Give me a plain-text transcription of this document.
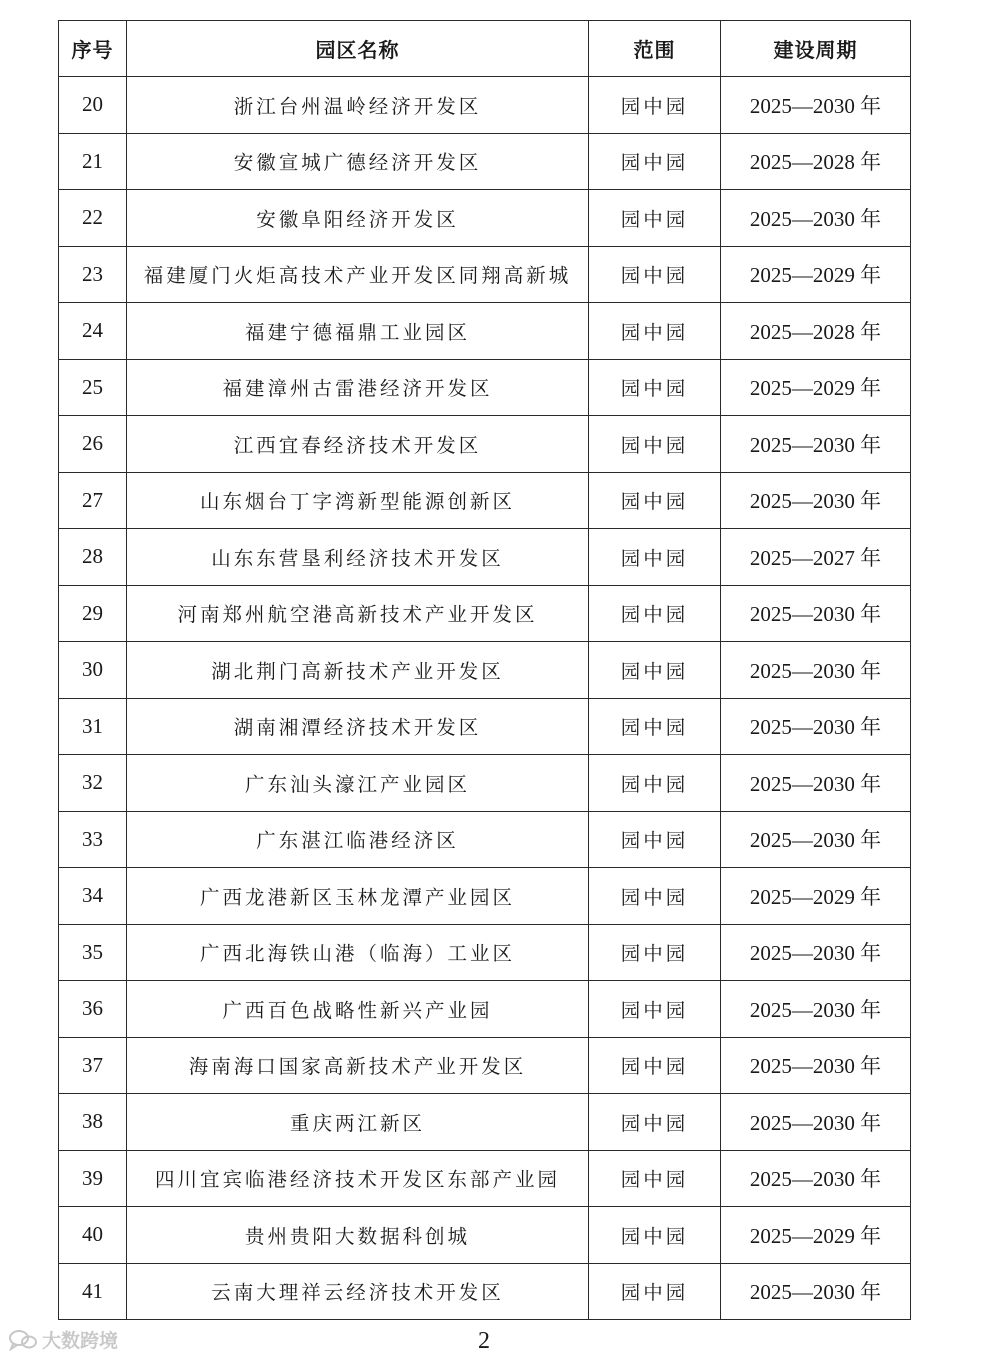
序号	园区名称	范围	建设周期
20	浙江台州温岭经济开发区	园中园	2025—2030 年
21	安徽宣城广德经济开发区	园中园	2025—2028 年
22	安徽阜阳经济开发区	园中园	2025—2030 年
23	福建厦门火炬高技术产业开发区同翔高新城	园中园	2025—2029 年
24	福建宁德福鼎工业园区	园中园	2025—2028 年
25	福建漳州古雷港经济开发区	园中园	2025—2029 年
26	江西宜春经济技术开发区	园中园	2025—2030 年
27	山东烟台丁字湾新型能源创新区	园中园	2025—2030 年
28	山东东营垦利经济技术开发区	园中园	2025—2027 年
29	河南郑州航空港高新技术产业开发区	园中园	2025—2030 年
30	湖北荆门高新技术产业开发区	园中园	2025—2030 年
31	湖南湘潭经济技术开发区	园中园	2025—2030 年
32	广东汕头濠江产业园区	园中园	2025—2030 年
33	广东湛江临港经济区	园中园	2025—2030 年
34	广西龙港新区玉林龙潭产业园区	园中园	2025—2029 年
35	广西北海铁山港（临海）工业区	园中园	2025—2030 年
36	广西百色战略性新兴产业园	园中园	2025—2030 年
37	海南海口国家高新技术产业开发区	园中园	2025—2030 年
38	重庆两江新区	园中园	2025—2030 年
39	四川宜宾临港经济技术开发区东部产业园	园中园	2025—2030 年
40	贵州贵阳大数据科创城	园中园	2025—2029 年
41	云南大理祥云经济技术开发区	园中园	2025—2030 年
大数跨境	2
